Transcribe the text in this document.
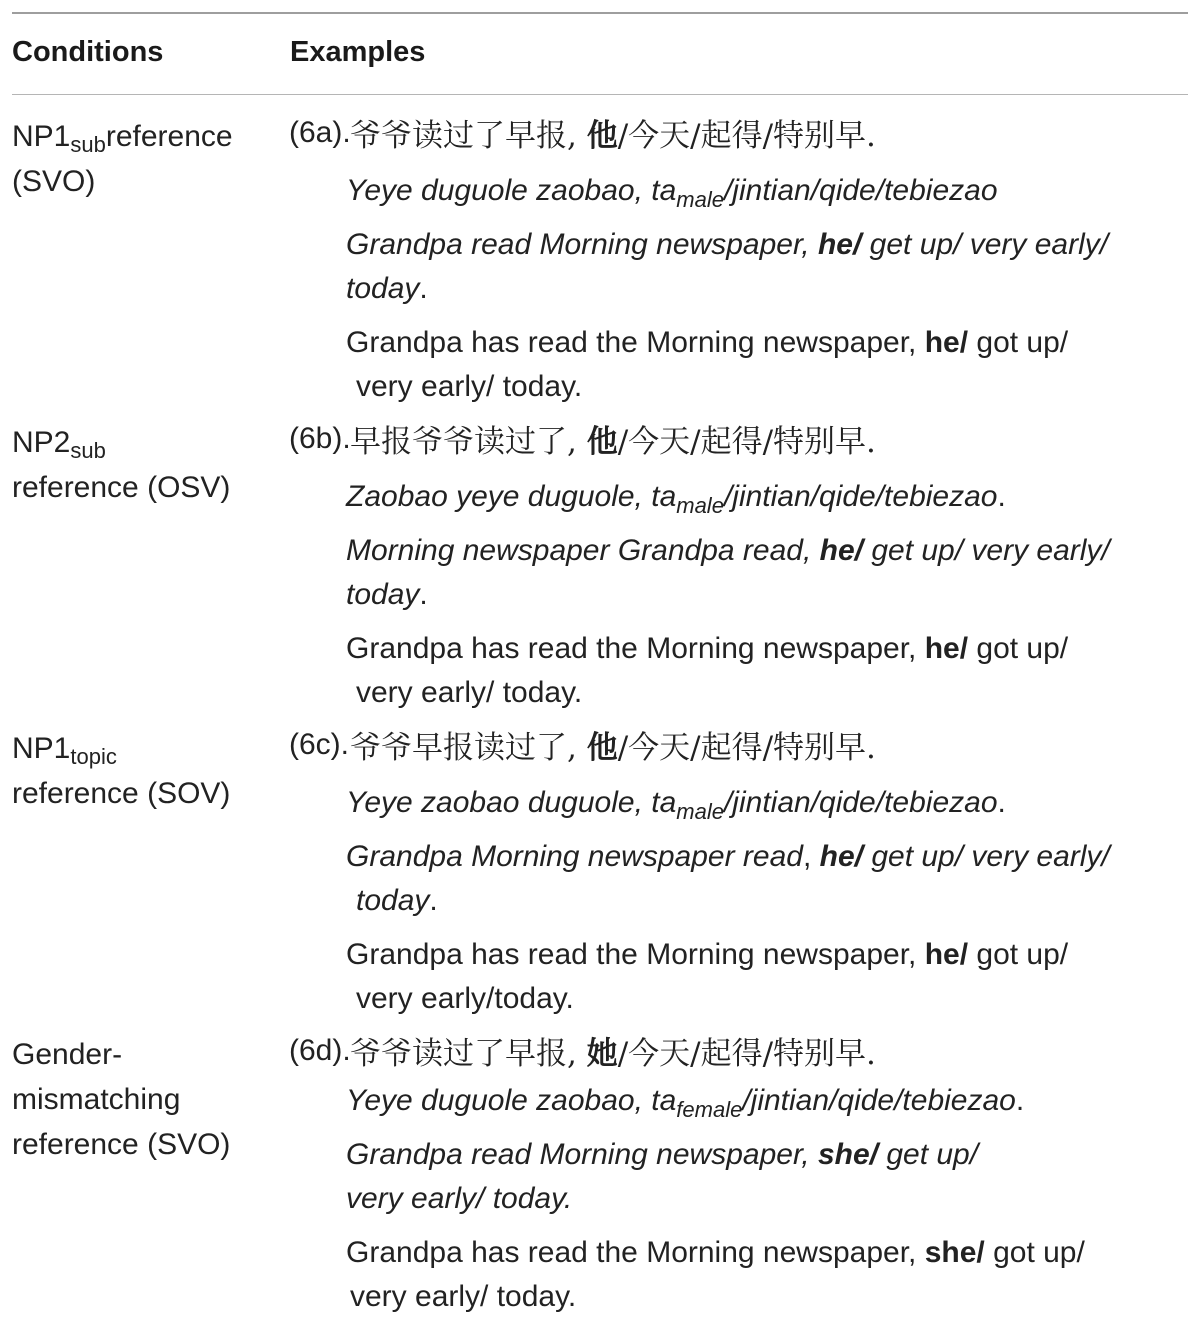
Conditions	Examples
$NP1_{sub}reference$
(SVO)
(6a). 爷爷读过了早报, 他/今天/起得/特别早.
Yeye duguole zaobao, $ta_{male}/jintian/qide$/tebiezao
Grandpa read Morning newspaper, he/ get up/ very early/
today.
Grandpa has read the Morning newspaper, he/ got up/
very early/ today.
$NP2_{sub}$
reference (OSV)
(6b). 早报爷爷读过了, 他/今天/起得/特别早.
Zaobao yeye duguole, $ta_{male}/jintian/qide$/tebiezao.
Morning newspaper Grandpa read, he/ get up/ very early/
today.
Grandpa has read the Morning newspaper, he/ got up/
very early/ today.
$NP1_{topic}$
reference (SOV)
(6c). 爷爷早报读过了, 他/今天/起得/特别早.
Yeye zaobao duguole, $ta_{male}/jintian/qide$/tebiezao.
Grandpa Morning newspaper read, he/ get up/ very early/
today.
Grandpa has read the Morning newspaper, he/ got up/
very early/today.
Gender-
mismatching
reference (SVO)
(6d). 爷爷读过了早报, 她/今天/起得/特别早.
Yeye duguole zaobao, $ta_{female}/jintian/qide$/tebiezao.
Grandpa read Morning newspaper, she/ get up/
very early/ today.
Grandpa has read the Morning newspaper, she/ got up/
very early/ today.
